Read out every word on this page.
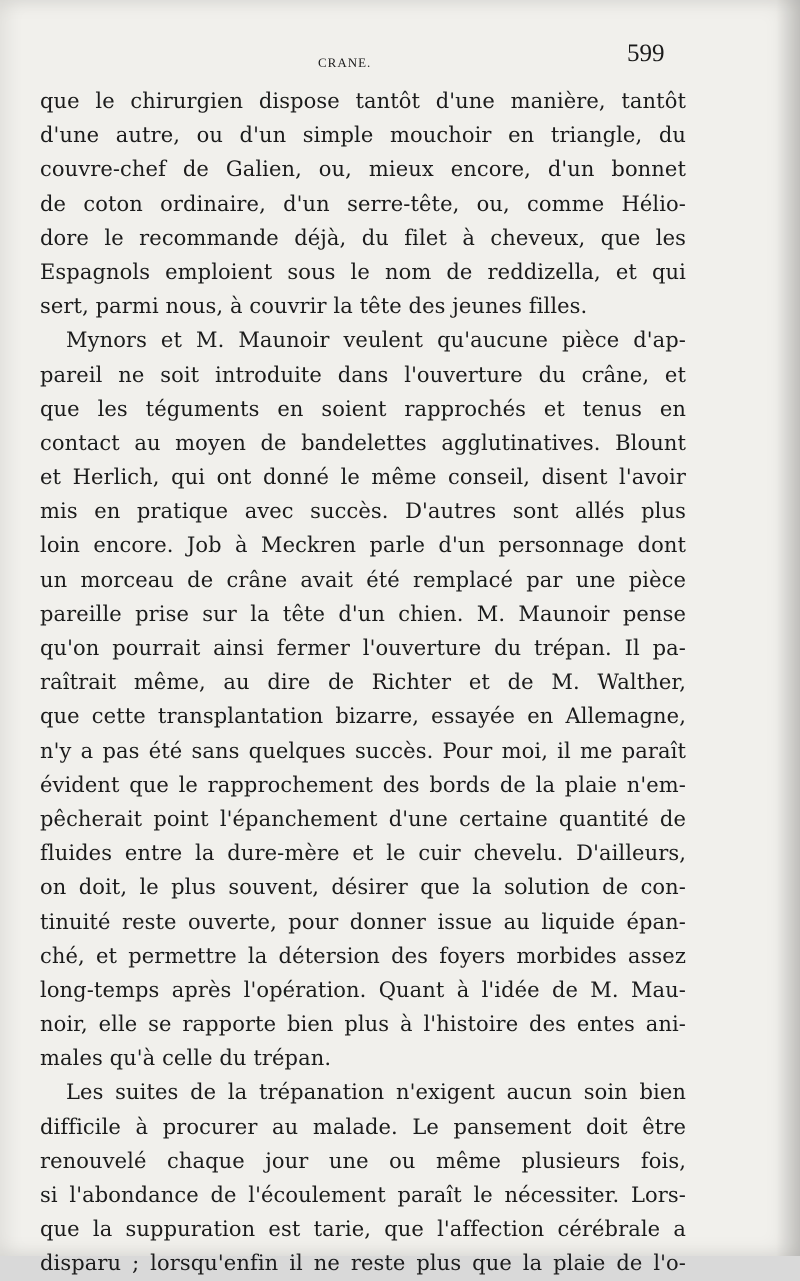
CRANE.	599
que le chirurgien dispose tantôt d'une manière, tantôt
d'une autre, ou d'un simple mouchoir en triangle, du
couvre-chef de Galien, ou, mieux encore, d'un bonnet
de coton ordinaire, d'un serre-tête, ou, comme Hélio-
dore le recommande déjà, du filet à cheveux, que les
Espagnols emploient sous le nom de reddizella, et qui
sert, parmi nous, à couvrir la tête des jeunes filles.
Mynors et M. Maunoir veulent qu'aucune pièce d'ap-
pareil ne soit introduite dans l'ouverture du crâne, et
que les téguments en soient rapprochés et tenus en
contact au moyen de bandelettes agglutinatives. Blount
et Herlich, qui ont donné le même conseil, disent l'avoir
mis en pratique avec succès. D'autres sont allés plus
loin encore. Job à Meckren parle d'un personnage dont
un morceau de crâne avait été remplacé par une pièce
pareille prise sur la tête d'un chien. M. Maunoir pense
qu'on pourrait ainsi fermer l'ouverture du trépan. Il pa-
raîtrait même, au dire de Richter et de M. Walther,
que cette transplantation bizarre, essayée en Allemagne,
n'y a pas été sans quelques succès. Pour moi, il me paraît
évident que le rapprochement des bords de la plaie n'em-
pêcherait point l'épanchement d'une certaine quantité de
fluides entre la dure-mère et le cuir chevelu. D'ailleurs,
on doit, le plus souvent, désirer que la solution de con-
tinuité reste ouverte, pour donner issue au liquide épan-
ché, et permettre la détersion des foyers morbides assez
long-temps après l'opération. Quant à l'idée de M. Mau-
noir, elle se rapporte bien plus à l'histoire des entes ani-
males qu'à celle du trépan.
Les suites de la trépanation n'exigent aucun soin bien
difficile à procurer au malade. Le pansement doit être
renouvelé chaque jour une ou même plusieurs fois,
si l'abondance de l'écoulement paraît le nécessiter. Lors-
que la suppuration est tarie, que l'affection cérébrale a
disparu ; lorsqu'enfin il ne reste plus que la plaie de l'o-
